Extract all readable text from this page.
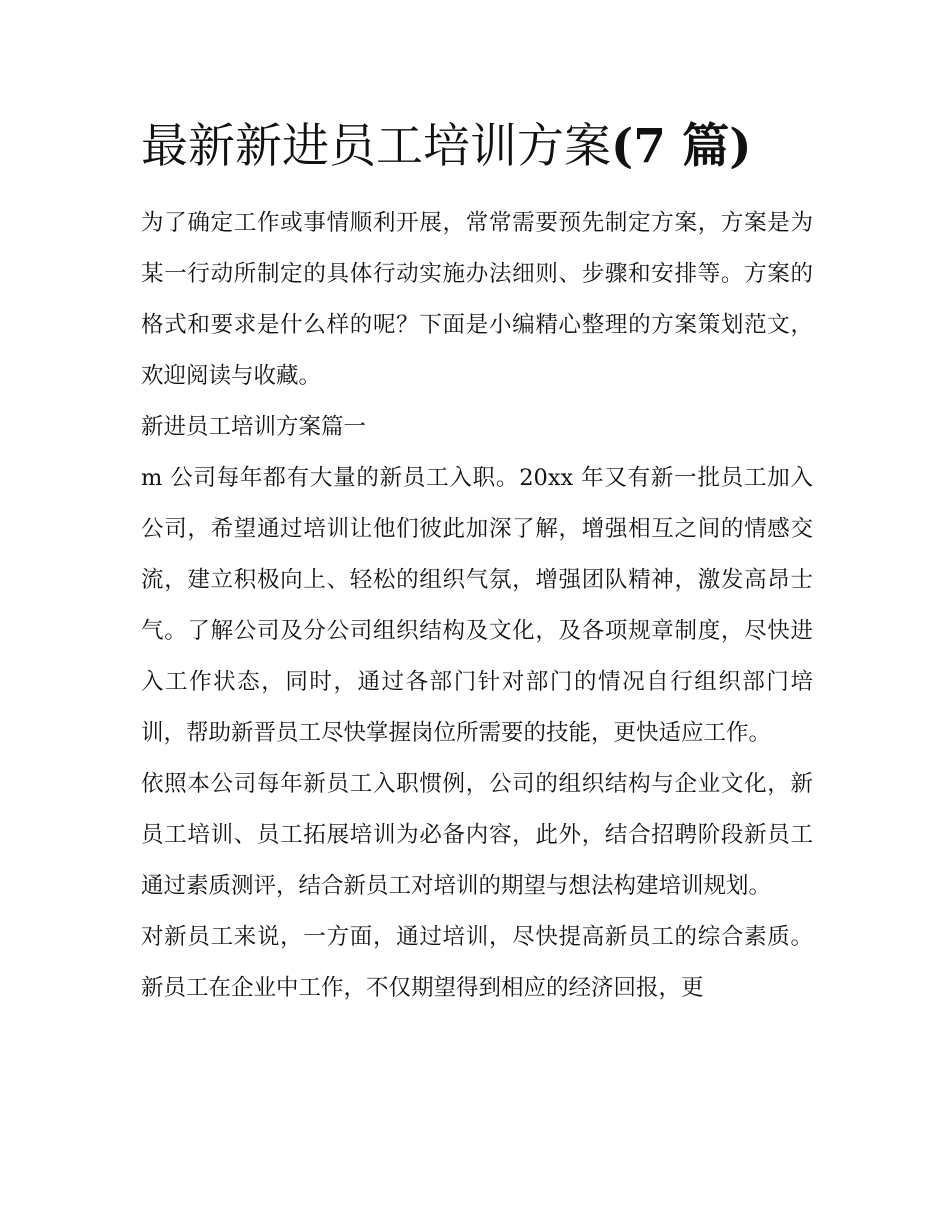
最新新进员工培训方案(7 篇)

为了确定工作或事情顺利开展，常常需要预先制定方案，方案是为某一行动所制定的具体行动实施办法细则、步骤和安排等。方案的格式和要求是什么样的呢？下面是小编精心整理的方案策划范文，欢迎阅读与收藏。

新进员工培训方案篇一

m 公司每年都有大量的新员工入职。20xx 年又有新一批员工加入公司，希望通过培训让他们彼此加深了解，增强相互之间的情感交流，建立积极向上、轻松的组织气氛，增强团队精神，激发高昂士气。了解公司及分公司组织结构及文化，及各项规章制度，尽快进入工作状态，同时，通过各部门针对部门的情况自行组织部门培训，帮助新晋员工尽快掌握岗位所需要的技能，更快适应工作。

依照本公司每年新员工入职惯例，公司的组织结构与企业文化，新员工培训、员工拓展培训为必备内容，此外，结合招聘阶段新员工通过素质测评，结合新员工对培训的期望与想法构建培训规划。

对新员工来说，一方面，通过培训，尽快提高新员工的综合素质。新员工在企业中工作，不仅期望得到相应的经济回报，更
